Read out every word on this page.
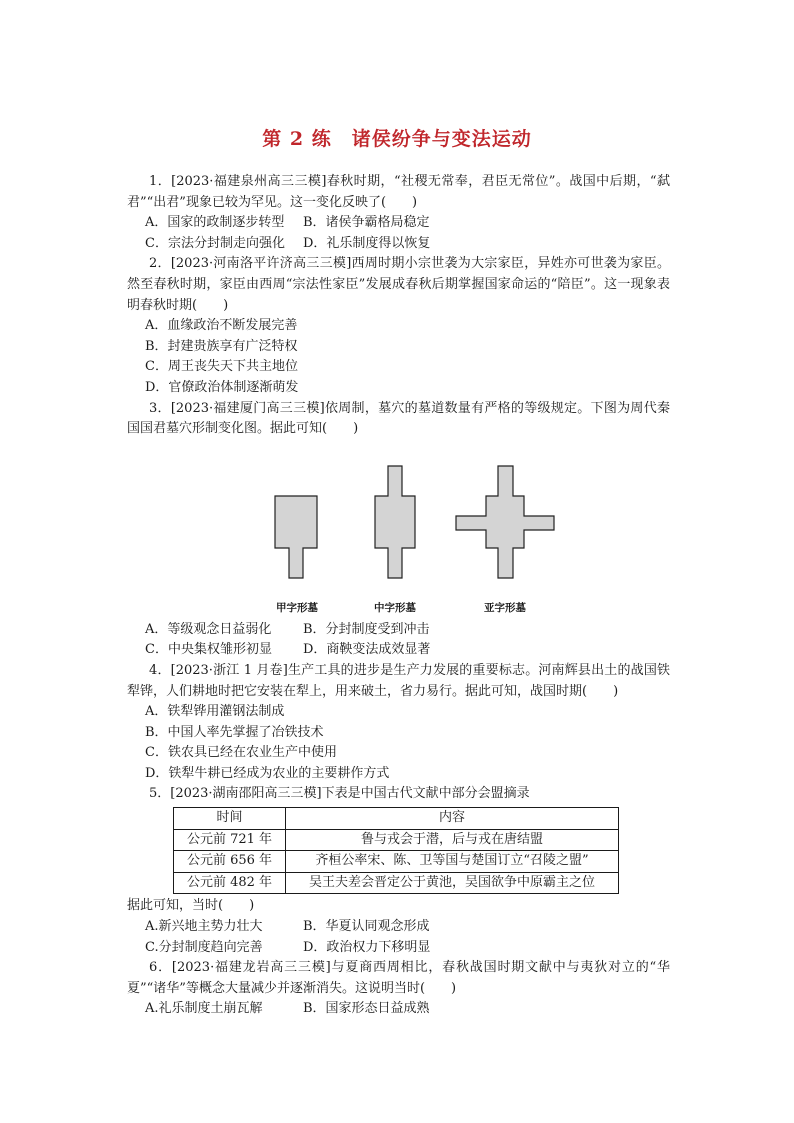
第 2 练　诸侯纷争与变法运动

1．[2023·福建泉州高三三模]春秋时期，“社稷无常奉，君臣无常位”。战国中后期，“弑君”“出君”现象已较为罕见。这一变化反映了(　　)

A．国家的政制逐步转型 B．诸侯争霸格局稳定

C．宗法分封制走向强化 D．礼乐制度得以恢复

2．[2023·河南洛平许济高三三模]西周时期小宗世袭为大宗家臣，异姓亦可世袭为家臣。然至春秋时期，家臣由西周“宗法性家臣”发展成春秋后期掌握国家命运的“陪臣”。这一现象表明春秋时期(　　)

A．血缘政治不断发展完善

B．封建贵族享有广泛特权

C．周王丧失天下共主地位

D．官僚政治体制逐渐萌发

3．[2023·福建厦门高三三模]依周制，墓穴的墓道数量有严格的等级规定。下图为周代秦国国君墓穴形制变化图。据此可知(　　)

甲字形墓	中字形墓	亚字形墓

A．等级观念日益弱化 B．分封制度受到冲击

C．中央集权雏形初显 D．商鞅变法成效显著

4．[2023·浙江 1 月卷]生产工具的进步是生产力发展的重要标志。河南辉县出土的战国铁犁铧，人们耕地时把它安装在犁上，用来破土，省力易行。据此可知，战国时期(　　)

A．铁犁铧用灌钢法制成

B．中国人率先掌握了冶铁技术

C．铁农具已经在农业生产中使用

D．铁犁牛耕已经成为农业的主要耕作方式

5．[2023·湖南邵阳高三三模]下表是中国古代文献中部分会盟摘录

时间	内容
公元前 721 年	鲁与戎会于潜，后与戎在唐结盟
公元前 656 年	齐桓公率宋、陈、卫等国与楚国订立“召陵之盟”
公元前 482 年	吴王夫差会晋定公于黄池，吴国欲争中原霸主之位

据此可知，当时(　　)

A.新兴地主势力壮大	B．华夏认同观念形成

C.分封制度趋向完善	D．政治权力下移明显

6．[2023·福建龙岩高三三模]与夏商西周相比，春秋战国时期文献中与夷狄对立的“华夏”“诸华”等概念大量减少并逐渐消失。这说明当时(　　)

A.礼乐制度土崩瓦解	B．国家形态日益成熟
